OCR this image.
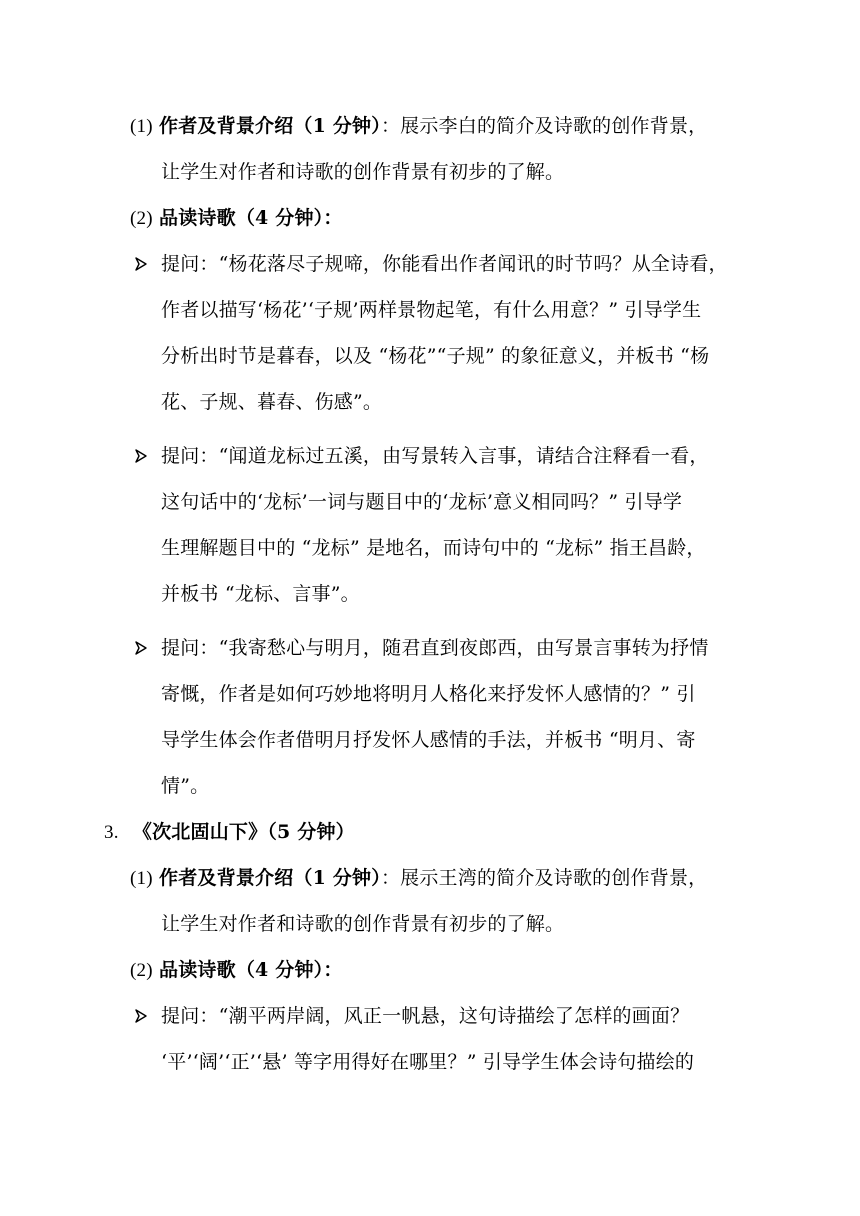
(1) 作者及背景介绍（1 分钟）：展示李白的简介及诗歌的创作背景，
让学生对作者和诗歌的创作背景有初步的了解。
(2) 品读诗歌（4 分钟）：
提问：“杨花落尽子规啼，你能看出作者闻讯的时节吗？从全诗看，
作者以描写‘杨花’‘子规’两样景物起笔，有什么用意？” 引导学生
分析出时节是暮春，以及 “杨花”“子规” 的象征意义，并板书 “杨
花、子规、暮春、伤感”。
提问：“闻道龙标过五溪，由写景转入言事，请结合注释看一看，
这句话中的‘龙标’一词与题目中的‘龙标’意义相同吗？” 引导学
生理解题目中的 “龙标” 是地名，而诗句中的 “龙标” 指王昌龄，
并板书 “龙标、言事”。
提问：“我寄愁心与明月，随君直到夜郎西，由写景言事转为抒情
寄慨，作者是如何巧妙地将明月人格化来抒发怀人感情的？” 引
导学生体会作者借明月抒发怀人感情的手法，并板书 “明月、寄
情”。
3. 《次北固山下》（5 分钟）
(1) 作者及背景介绍（1 分钟）：展示王湾的简介及诗歌的创作背景，
让学生对作者和诗歌的创作背景有初步的了解。
(2) 品读诗歌（4 分钟）：
提问：“潮平两岸阔，风正一帆悬，这句诗描绘了怎样的画面？
‘平’‘阔’‘正’‘悬’ 等字用得好在哪里？” 引导学生体会诗句描绘的
